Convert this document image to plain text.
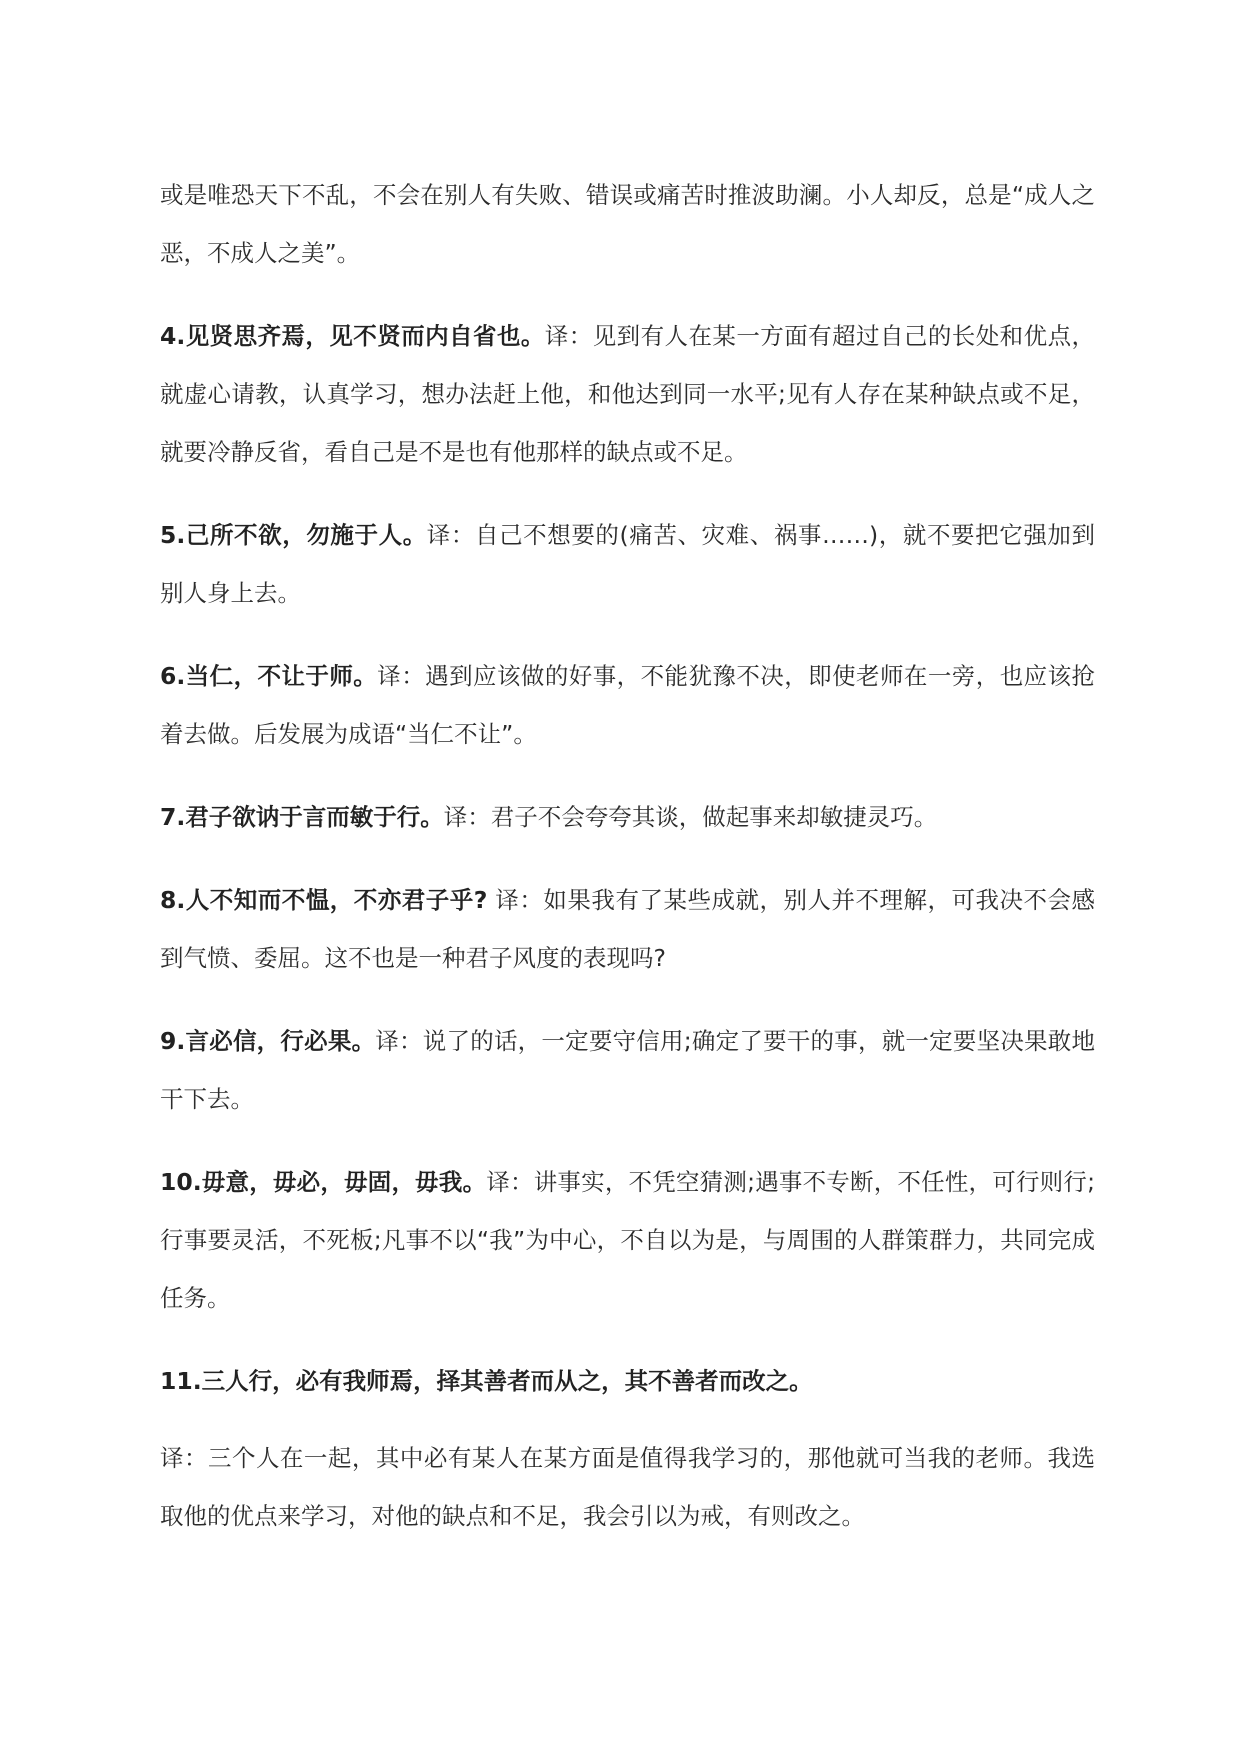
或是唯恐天下不乱，不会在别人有失败、错误或痛苦时推波助澜。小人却反，总是“成人之恶，不成人之美”。

4.见贤思齐焉，见不贤而内自省也。译：见到有人在某一方面有超过自己的长处和优点，就虚心请教，认真学习，想办法赶上他，和他达到同一水平;见有人存在某种缺点或不足，就要冷静反省，看自己是不是也有他那样的缺点或不足。

5.己所不欲，勿施于人。译：自己不想要的(痛苦、灾难、祸事……)，就不要把它强加到别人身上去。

6.当仁，不让于师。译：遇到应该做的好事，不能犹豫不决，即使老师在一旁，也应该抢着去做。后发展为成语“当仁不让”。

7.君子欲讷于言而敏于行。译：君子不会夸夸其谈，做起事来却敏捷灵巧。

8.人不知而不愠，不亦君子乎? 译：如果我有了某些成就，别人并不理解，可我决不会感到气愤、委屈。这不也是一种君子风度的表现吗?

9.言必信，行必果。译：说了的话，一定要守信用;确定了要干的事，就一定要坚决果敢地干下去。

10.毋意，毋必，毋固，毋我。译：讲事实，不凭空猜测;遇事不专断，不任性，可行则行;行事要灵活，不死板;凡事不以“我”为中心，不自以为是，与周围的人群策群力，共同完成任务。

11.三人行，必有我师焉，择其善者而从之，其不善者而改之。

译：三个人在一起，其中必有某人在某方面是值得我学习的，那他就可当我的老师。我选取他的优点来学习，对他的缺点和不足，我会引以为戒，有则改之。
